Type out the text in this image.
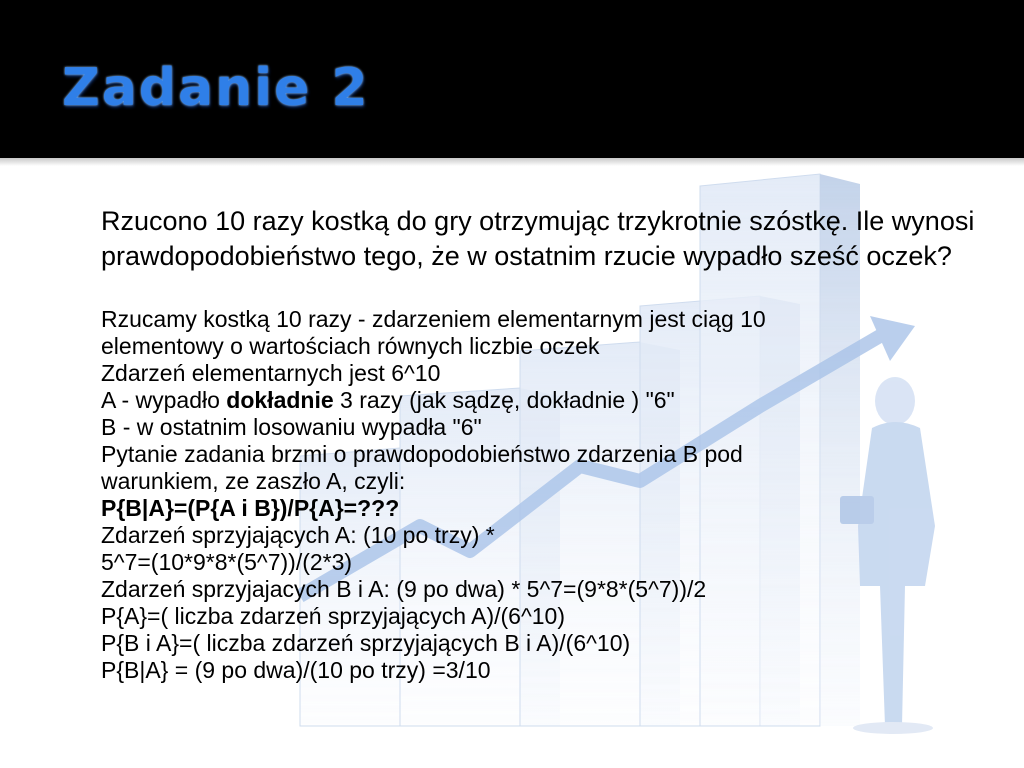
Zadanie 2

Rzucono 10 razy kostką do gry otrzymując trzykrotnie szóstkę. Ile wynosi prawdopodobieństwo tego, że w ostatnim rzucie wypadło sześć oczek?

Rzucamy kostką 10 razy - zdarzeniem elementarnym jest ciąg 10
elementowy o wartościach równych liczbie oczek
Zdarzeń elementarnych jest 6^10
A - wypadło dokładnie 3 razy (jak sądzę, dokładnie ) "6"
B - w ostatnim losowaniu wypadła "6"
Pytanie zadania brzmi o prawdopodobieństwo zdarzenia B pod
warunkiem, ze zaszło A, czyli:
P{B|A}=(P{A i B})/P{A}=???
Zdarzeń sprzyjających A: (10 po trzy) *
5^7=(10*9*8*(5^7))/(2*3)
Zdarzeń sprzyjajacych B i A: (9 po dwa) * 5^7=(9*8*(5^7))/2
P{A}=( liczba zdarzeń sprzyjających A)/(6^10)
P{B i A}=( liczba zdarzeń sprzyjających B i A)/(6^10)
P{B|A} = (9 po dwa)/(10 po trzy) =3/10
